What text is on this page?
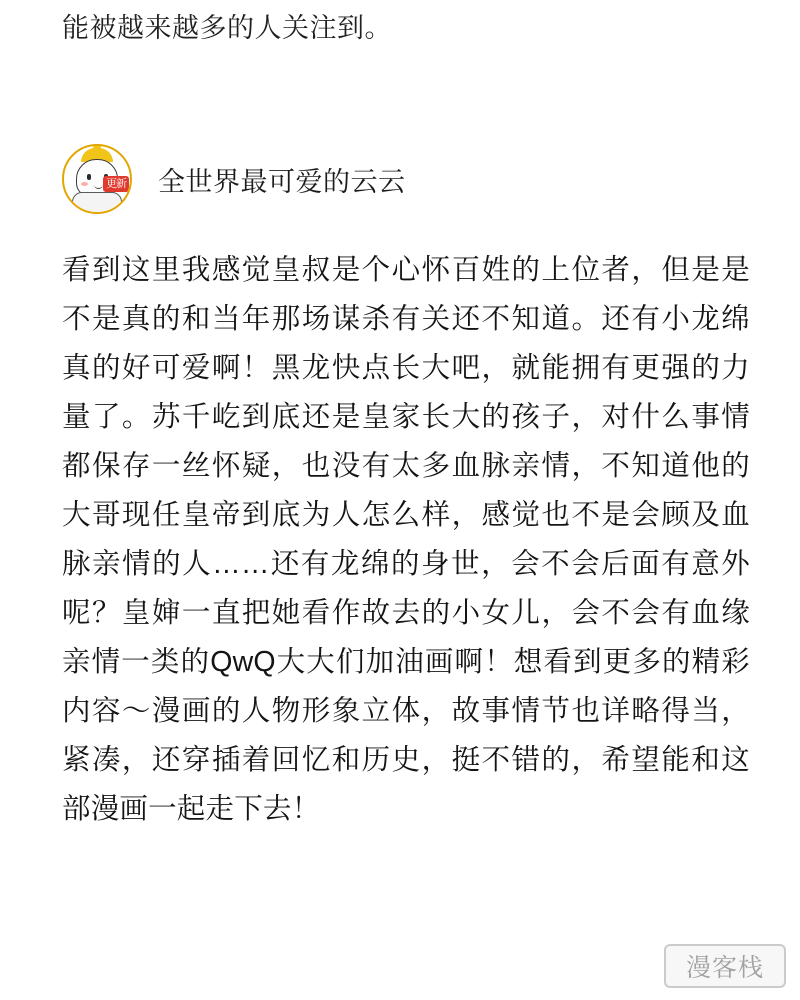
能被越来越多的人关注到。
更新 全世界最可爱的云云
看到这里我感觉皇叔是个心怀百姓的上位者，但是是不是真的和当年那场谋杀有关还不知道。还有小龙绵真的好可爱啊！黑龙快点长大吧，就能拥有更强的力量了。苏千屹到底还是皇家长大的孩子，对什么事情都保存一丝怀疑，也没有太多血脉亲情，不知道他的大哥现任皇帝到底为人怎么样，感觉也不是会顾及血脉亲情的人……还有龙绵的身世，会不会后面有意外呢？皇婶一直把她看作故去的小女儿，会不会有血缘亲情一类的QwQ大大们加油画啊！想看到更多的精彩内容～漫画的人物形象立体，故事情节也详略得当，紧凑，还穿插着回忆和历史，挺不错的，希望能和这部漫画一起走下去！
漫客栈
